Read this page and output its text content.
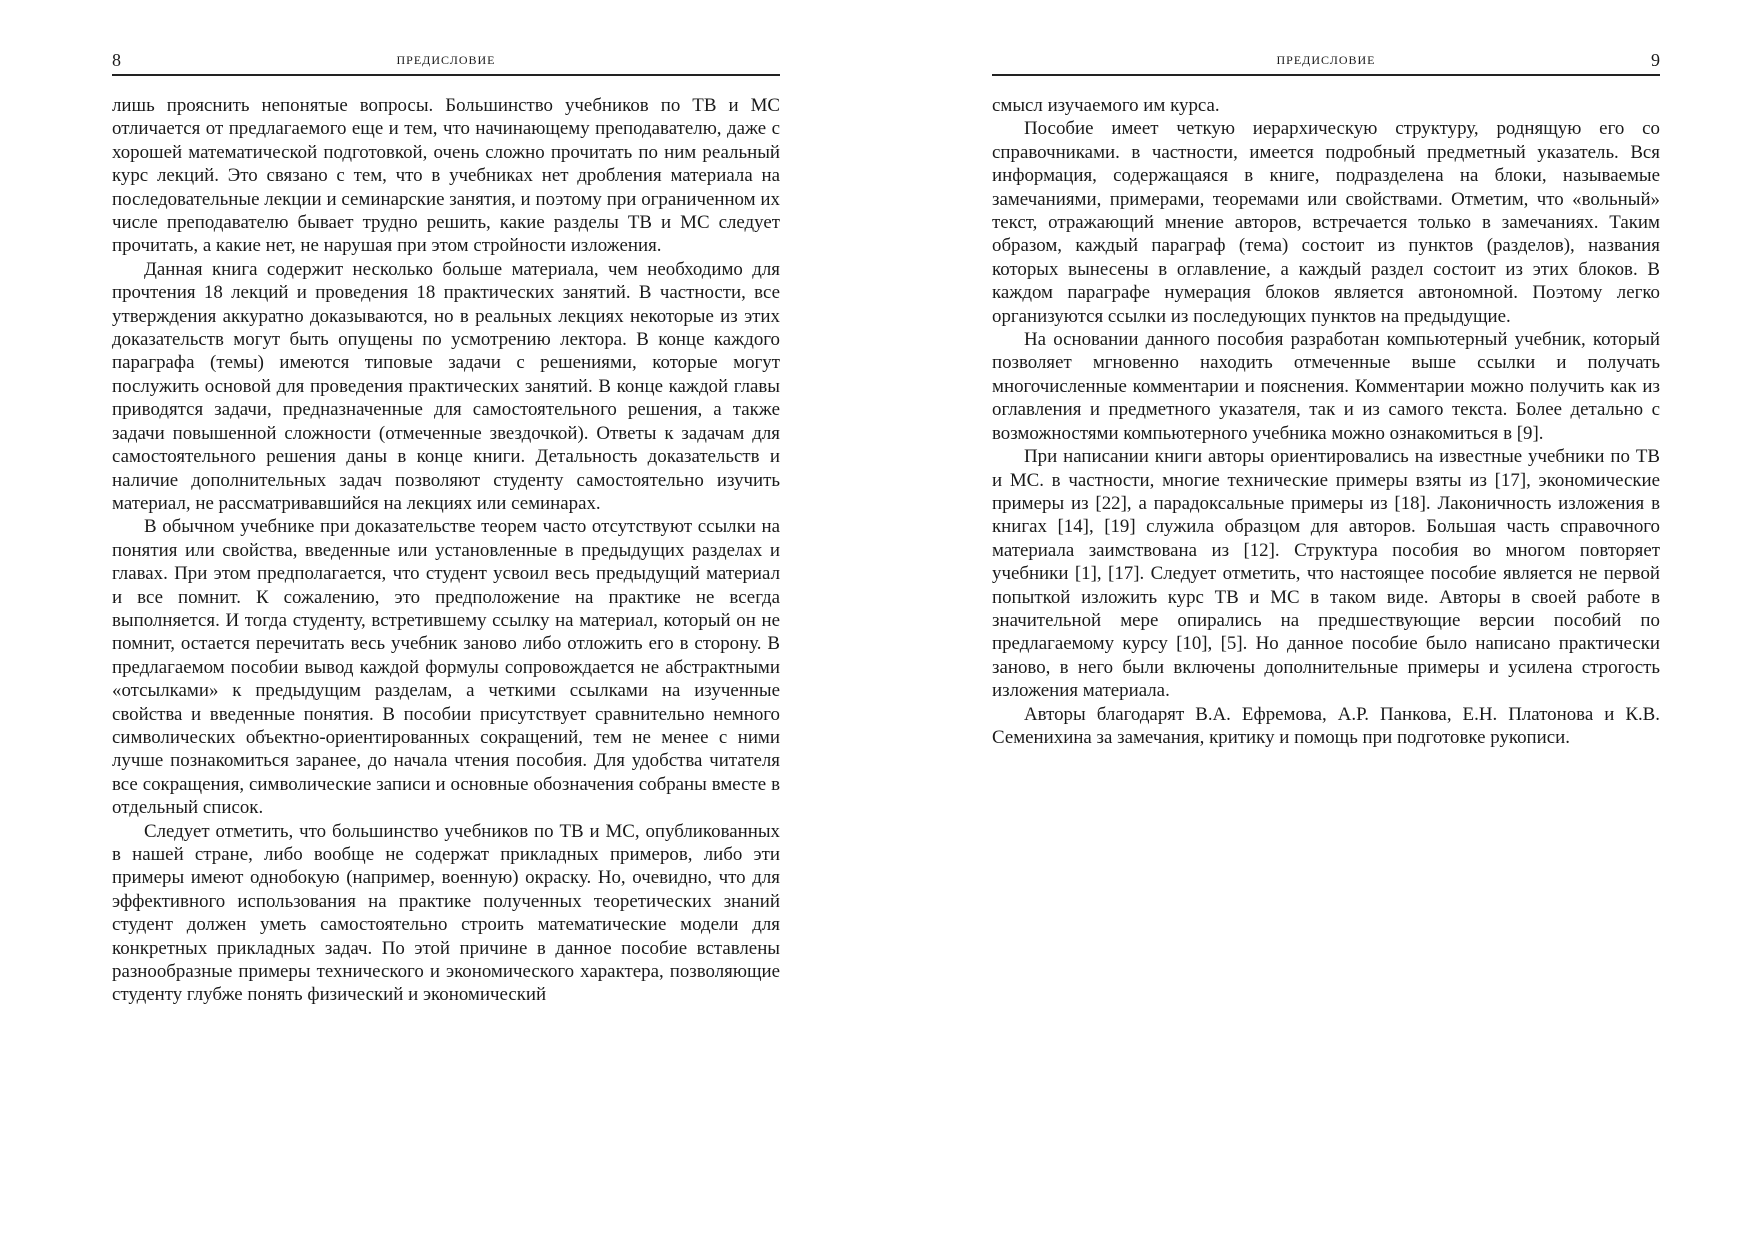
8	ПРЕДИСЛОВИЕ

лишь прояснить непонятые вопросы. Большинство учебников по ТВ и МС отличается от предлагаемого еще и тем, что начинающему преподавателю, даже с хорошей математической подготовкой, очень сложно прочитать по ним реальный курс лекций. Это связано с тем, что в учебниках нет дробления материала на последовательные лекции и семинарские занятия, и поэтому при ограниченном их числе преподавателю бывает трудно решить, какие разделы ТВ и МС следует прочитать, а какие нет, не нарушая при этом стройности изложения.

Данная книга содержит несколько больше материала, чем необходимо для прочтения 18 лекций и проведения 18 практических занятий. В частности, все утверждения аккуратно доказываются, но в реальных лекциях некоторые из этих доказательств могут быть опущены по усмотрению лектора. В конце каждого параграфа (темы) имеются типовые задачи с решениями, которые могут послужить основой для проведения практических занятий. В конце каждой главы приводятся задачи, предназначенные для самостоятельного решения, а также задачи повышенной сложности (отмеченные звездочкой). Ответы к задачам для самостоятельного решения даны в конце книги. Детальность доказательств и наличие дополнительных задач позволяют студенту самостоятельно изучить материал, не рассматривавшийся на лекциях или семинарах.

В обычном учебнике при доказательстве теорем часто отсутствуют ссылки на понятия или свойства, введенные или установленные в предыдущих разделах и главах. При этом предполагается, что студент усвоил весь предыдущий материал и все помнит. К сожалению, это предположение на практике не всегда выполняется. И тогда студенту, встретившему ссылку на материал, который он не помнит, остается перечитать весь учебник заново либо отложить его в сторону. В предлагаемом пособии вывод каждой формулы сопровождается не абстрактными «отсылками» к предыдущим разделам, а четкими ссылками на изученные свойства и введенные понятия. В пособии присутствует сравнительно немного символических объектно-ориентированных сокращений, тем не менее с ними лучше познакомиться заранее, до начала чтения пособия. Для удобства читателя все сокращения, символические записи и основные обозначения собраны вместе в отдельный список.

Следует отметить, что большинство учебников по ТВ и МС, опубликованных в нашей стране, либо вообще не содержат прикладных примеров, либо эти примеры имеют однобокую (например, военную) окраску. Но, очевидно, что для эффективного использования на практике полученных теоретических знаний студент должен уметь самостоятельно строить математические модели для конкретных прикладных задач. По этой причине в данное пособие вставлены разнообразные примеры технического и экономического характера, позволяющие студенту глубже понять физический и экономический

ПРЕДИСЛОВИЕ	9

смысл изучаемого им курса.

Пособие имеет четкую иерархическую структуру, роднящую его со справочниками. в частности, имеется подробный предметный указатель. Вся информация, содержащаяся в книге, подразделена на блоки, называемые замечаниями, примерами, теоремами или свойствами. Отметим, что «вольный» текст, отражающий мнение авторов, встречается только в замечаниях. Таким образом, каждый параграф (тема) состоит из пунктов (разделов), названия которых вынесены в оглавление, а каждый раздел состоит из этих блоков. В каждом параграфе нумерация блоков является автономной. Поэтому легко организуются ссылки из последующих пунктов на предыдущие.

На основании данного пособия разработан компьютерный учебник, который позволяет мгновенно находить отмеченные выше ссылки и получать многочисленные комментарии и пояснения. Комментарии можно получить как из оглавления и предметного указателя, так и из самого текста. Более детально с возможностями компьютерного учебника можно ознакомиться в [9].

При написании книги авторы ориентировались на известные учебники по ТВ и МС. в частности, многие технические примеры взяты из [17], экономические примеры из [22], а парадоксальные примеры из [18]. Лаконичность изложения в книгах [14], [19] служила образцом для авторов. Большая часть справочного материала заимствована из [12]. Структура пособия во многом повторяет учебники [1], [17]. Следует отметить, что настоящее пособие является не первой попыткой изложить курс ТВ и МС в таком виде. Авторы в своей работе в значительной мере опирались на предшествующие версии пособий по предлагаемому курсу [10], [5]. Но данное пособие было написано практически заново, в него были включены дополнительные примеры и усилена строгость изложения материала.

Авторы благодарят В.А. Ефремова, А.Р. Панкова, Е.Н. Платонова и К.В. Семенихина за замечания, критику и помощь при подготовке рукописи.
